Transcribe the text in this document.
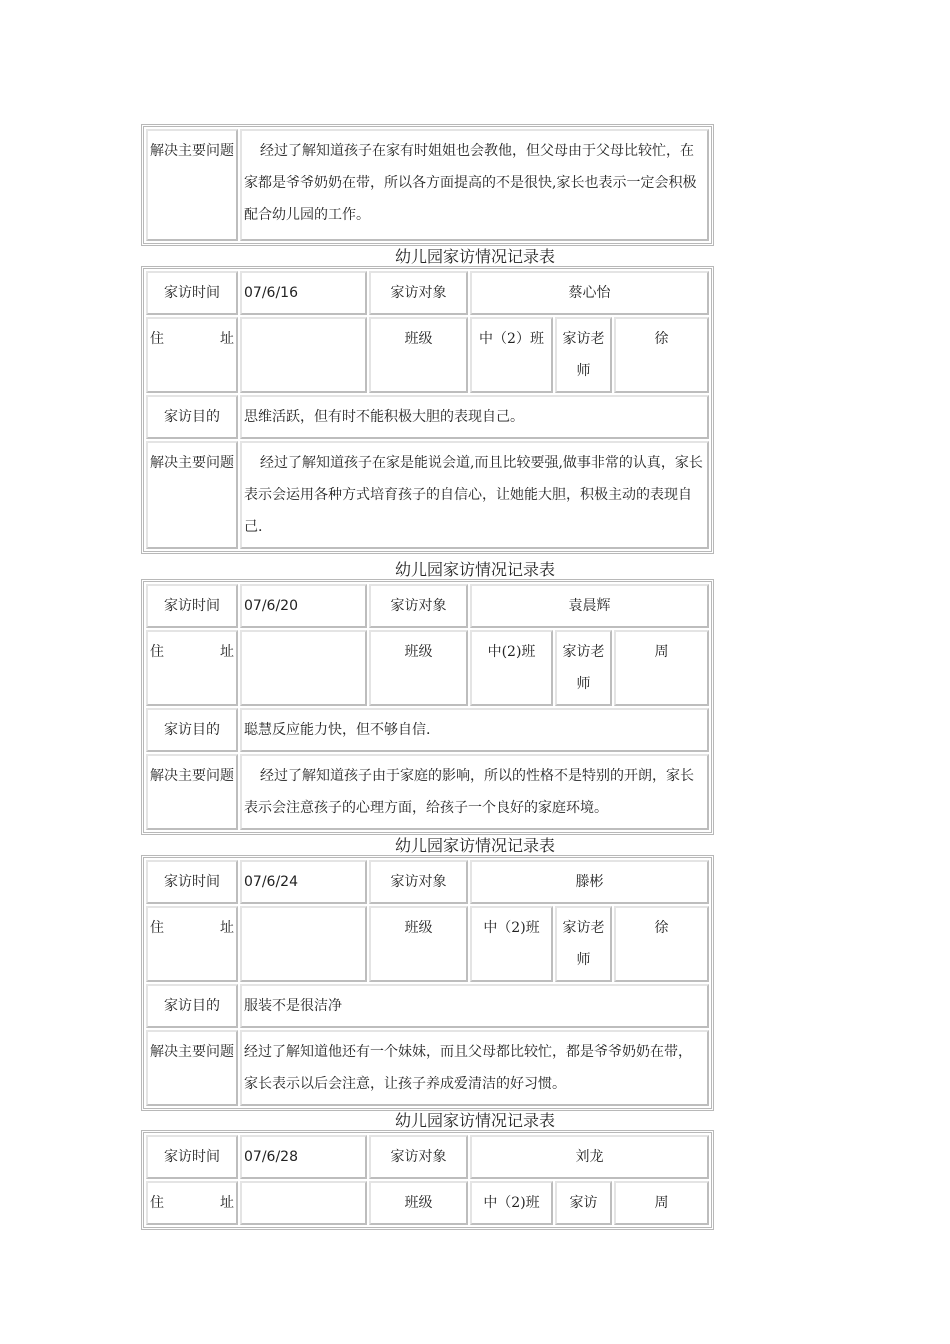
解决主要问题	经过了解知道孩子在家有时姐姐也会教他，但父母由于父母比较忙，在家都是爷爷奶奶在带，所以各方面提高的不是很快,家长也表示一定会积极配合幼儿园的工作。
幼儿园家访情况记录表
家访时间	07/6/16	家访对象	蔡心怡		
住址		班级	中（2）班	家访老师	徐
家访目的	思维活跃，但有时不能积极大胆的表现自己。				
解决主要问题	经过了解知道孩子在家是能说会道,而且比较要强,做事非常的认真，家长表示会运用各种方式培育孩子的自信心，让她能大胆，积极主动的表现自己.				
幼儿园家访情况记录表
家访时间	07/6/20	家访对象	袁晨辉		
住址		班级	中(2)班	家访老师	周
家访目的	聪慧反应能力快，但不够自信.				
解决主要问题	经过了解知道孩子由于家庭的影响，所以的性格不是特别的开朗，家长表示会注意孩子的心理方面，给孩子一个良好的家庭环境。				
幼儿园家访情况记录表
家访时间	07/6/24	家访对象	滕彬		
住址		班级	中（2)班	家访老师	徐
家访目的	服装不是很洁净				
解决主要问题	经过了解知道他还有一个妹妹，而且父母都比较忙，都是爷爷奶奶在带，家长表示以后会注意，让孩子养成爱清洁的好习惯。				
幼儿园家访情况记录表
家访时间	07/6/28	家访对象	刘龙		
住址		班级	中（2)班	家访	周
